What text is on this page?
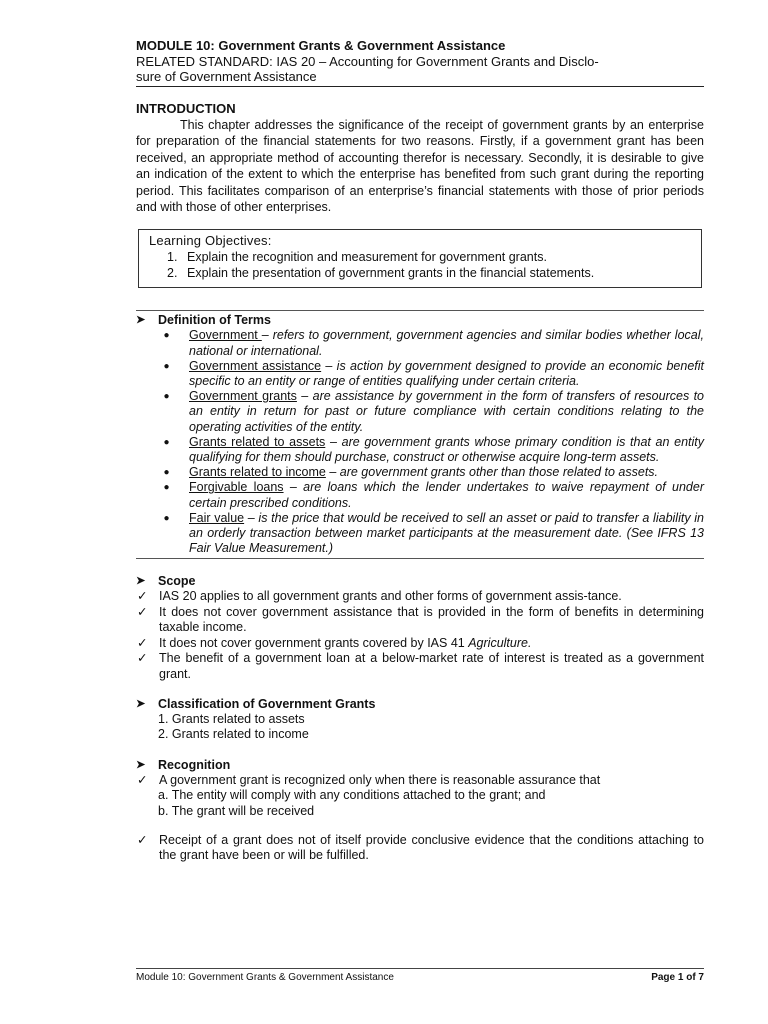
MODULE 10: Government Grants & Government Assistance
RELATED STANDARD: IAS 20 – Accounting for Government Grants and Disclo-
sure of Government Assistance
INTRODUCTION

This chapter addresses the significance of the receipt of government grants by an enterprise for preparation of the financial statements for two reasons. Firstly, if a government grant has been received, an appropriate method of accounting therefor is necessary. Secondly, it is desirable to give an indication of the extent to which the enterprise has benefited from such grant during the reporting period. This facilitates comparison of an enterprise’s financial statements with those of prior periods and with those of other enterprises.

Learning Objectives:
1. Explain the recognition and measurement for government grants.
2. Explain the presentation of government grants in the financial statements.
➤	Definition of Terms
●	Government – refers to government, government agencies and similar bodies whether local, national or international.
●	Government assistance – is action by government designed to provide an economic benefit specific to an entity or range of entities qualifying under certain criteria.
●	Government grants – are assistance by government in the form of transfers of resources to an entity in return for past or future compliance with certain conditions relating to the operating activities of the entity.
●	Grants related to assets – are government grants whose primary condition is that an entity qualifying for them should purchase, construct or otherwise acquire long-term assets.
●	Grants related to income – are government grants other than those related to assets.
●	Forgivable loans – are loans which the lender undertakes to waive repayment of under certain prescribed conditions.
●	Fair value – is the price that would be received to sell an asset or paid to transfer a liability in an orderly transaction between market participants at the measurement date. (See IFRS 13 Fair Value Measurement.)
➤	Scope
✓ IAS 20 applies to all government grants and other forms of government assis-tance.
✓ It does not cover government assistance that is provided in the form of benefits in determining taxable income.
✓ It does not cover government grants covered by IAS 41 Agriculture.
✓ The benefit of a government loan at a below-market rate of interest is treated as a government grant.
➤	Classification of Government Grants
1. Grants related to assets
2. Grants related to income
➤	Recognition
✓ A government grant is recognized only when there is reasonable assurance that
a. The entity will comply with any conditions attached to the grant; and
b. The grant will be received
✓ Receipt of a grant does not of itself provide conclusive evidence that the conditions attaching to the grant have been or will be fulfilled.
Module 10: Government Grants & Government Assistance	Page 1 of 7
